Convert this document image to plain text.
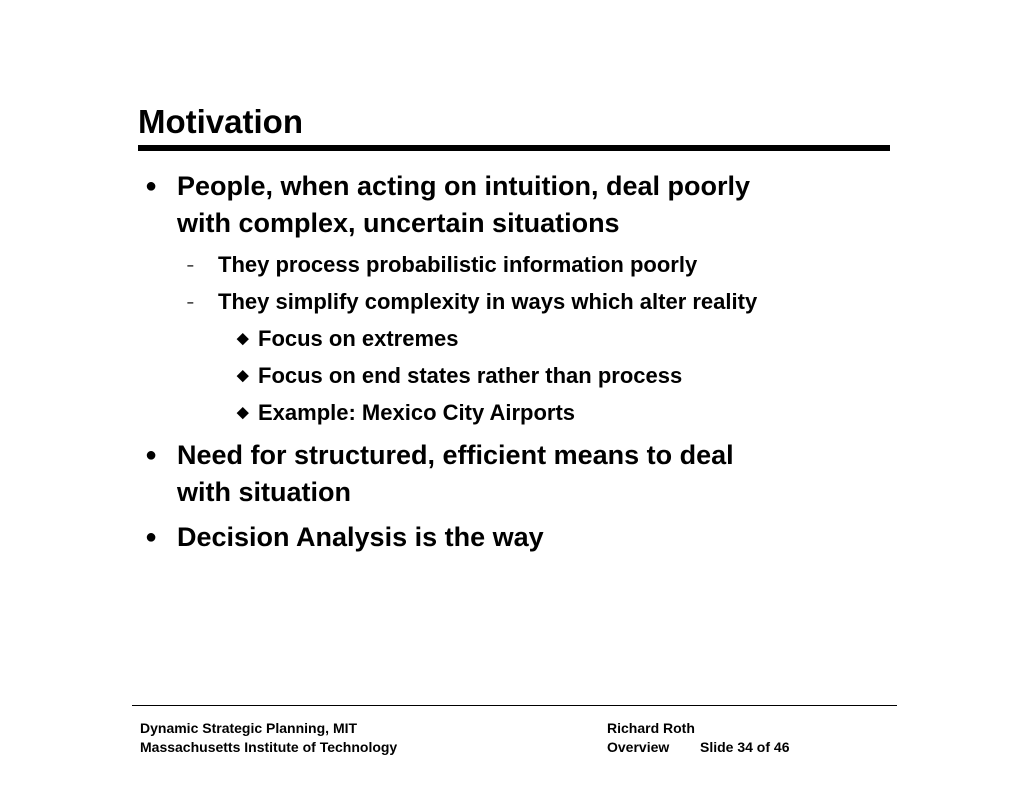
Motivation
● People, when acting on intuition, deal poorly
with complex, uncertain situations
– They process probabilistic information poorly
– They simplify complexity in ways which alter reality
◆ Focus on extremes
◆ Focus on end states rather than process
◆ Example: Mexico City Airports
● Need for structured, efficient means to deal
with situation
● Decision Analysis is the way
Dynamic Strategic Planning, MIT
Massachusetts Institute of Technology
Richard Roth
Overview Slide 34 of 46
